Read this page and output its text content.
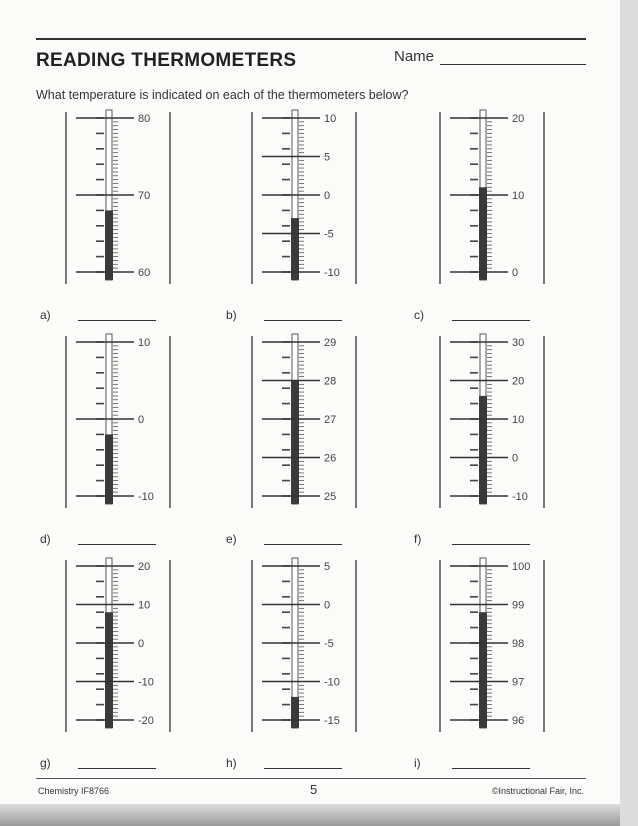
READING THERMOMETERS	Name
What temperature is indicated on each of the thermometers below?
80
70
60
10
5
0
-5
-10
20
10
0
10
0
-10
29
28
27
26
25
30
20
10
0
-10
20
10
0
-10
-20
5
0
-5
-10
-15
100
99
98
97
96
Chemistry IF8766	5	©Instructional Fair, Inc.
a)	b)	c)
d)	e)	f)
g)	h)	i)
